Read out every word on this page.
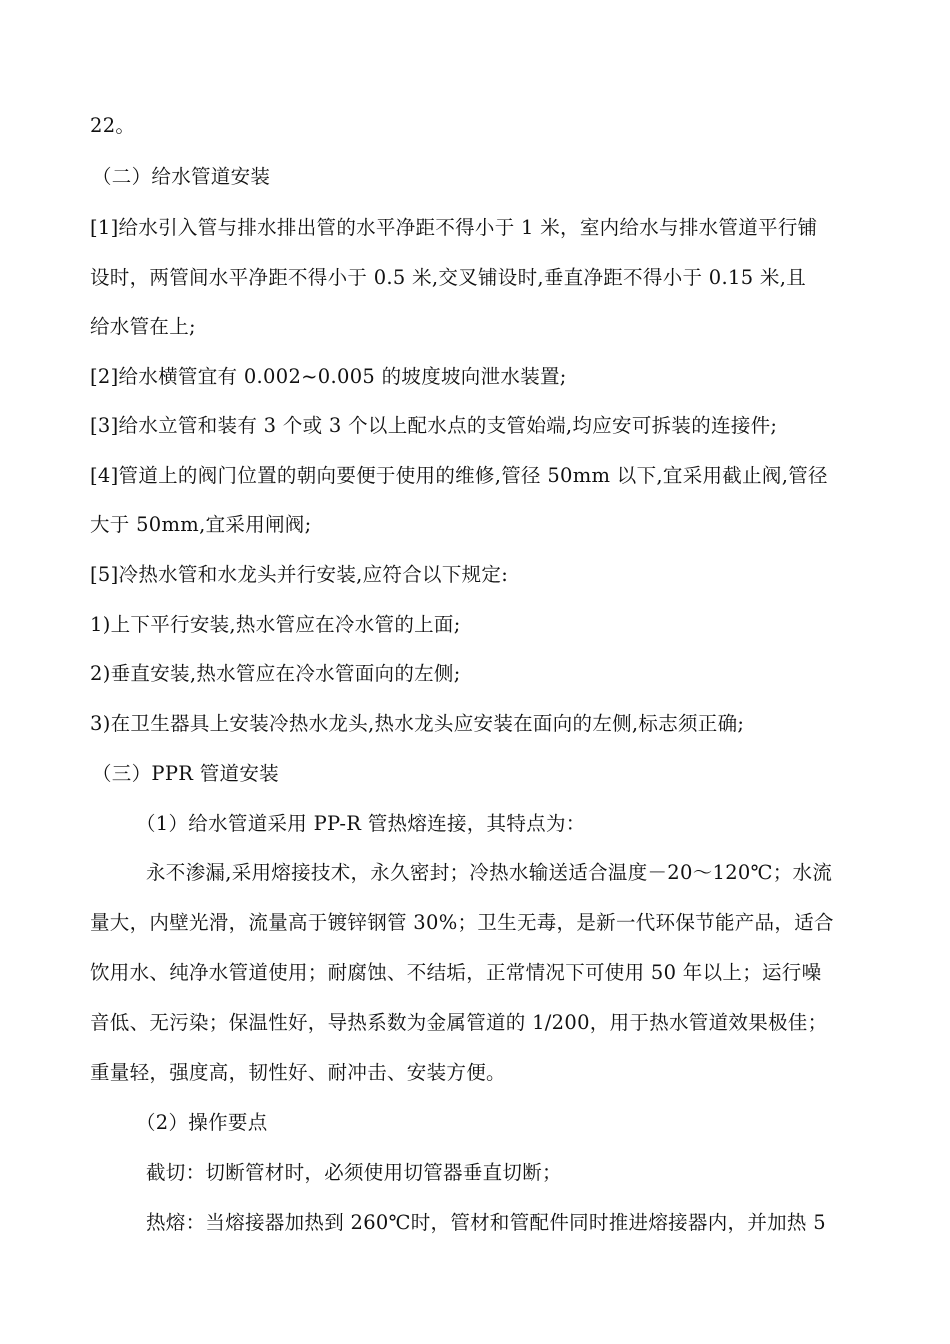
22。
（二）给水管道安装
[1]给水引入管与排水排出管的水平净距不得小于 1 米，室内给水与排水管道平行铺
设时，两管间水平净距不得小于 0.5 米,交叉铺设时,垂直净距不得小于 0.15 米,且
给水管在上;
[2]给水横管宜有 0.002~0.005 的坡度坡向泄水装置;
[3]给水立管和装有 3 个或 3 个以上配水点的支管始端,均应安可拆装的连接件;
[4]管道上的阀门位置的朝向要便于使用的维修,管径 50mm 以下,宜采用截止阀,管径
大于 50mm,宜采用闸阀;
[5]冷热水管和水龙头并行安装,应符合以下规定:
1)上下平行安装,热水管应在冷水管的上面;
2)垂直安装,热水管应在冷水管面向的左侧;
3)在卫生器具上安装冷热水龙头,热水龙头应安装在面向的左侧,标志须正确;
（三）PPR 管道安装
（1）给水管道采用 PP-R 管热熔连接，其特点为：
永不渗漏,采用熔接技术，永久密封；冷热水输送适合温度－20～120℃；水流
量大，内壁光滑，流量高于镀锌钢管 30%；卫生无毒，是新一代环保节能产品，适合
饮用水、纯净水管道使用；耐腐蚀、不结垢，正常情况下可使用 50 年以上；运行噪
音低、无污染；保温性好，导热系数为金属管道的 1/200，用于热水管道效果极佳；
重量轻，强度高，韧性好、耐冲击、安装方便。
（2）操作要点
截切：切断管材时，必须使用切管器垂直切断；
热熔：当熔接器加热到 260℃时，管材和管配件同时推进熔接器内，并加热 5
